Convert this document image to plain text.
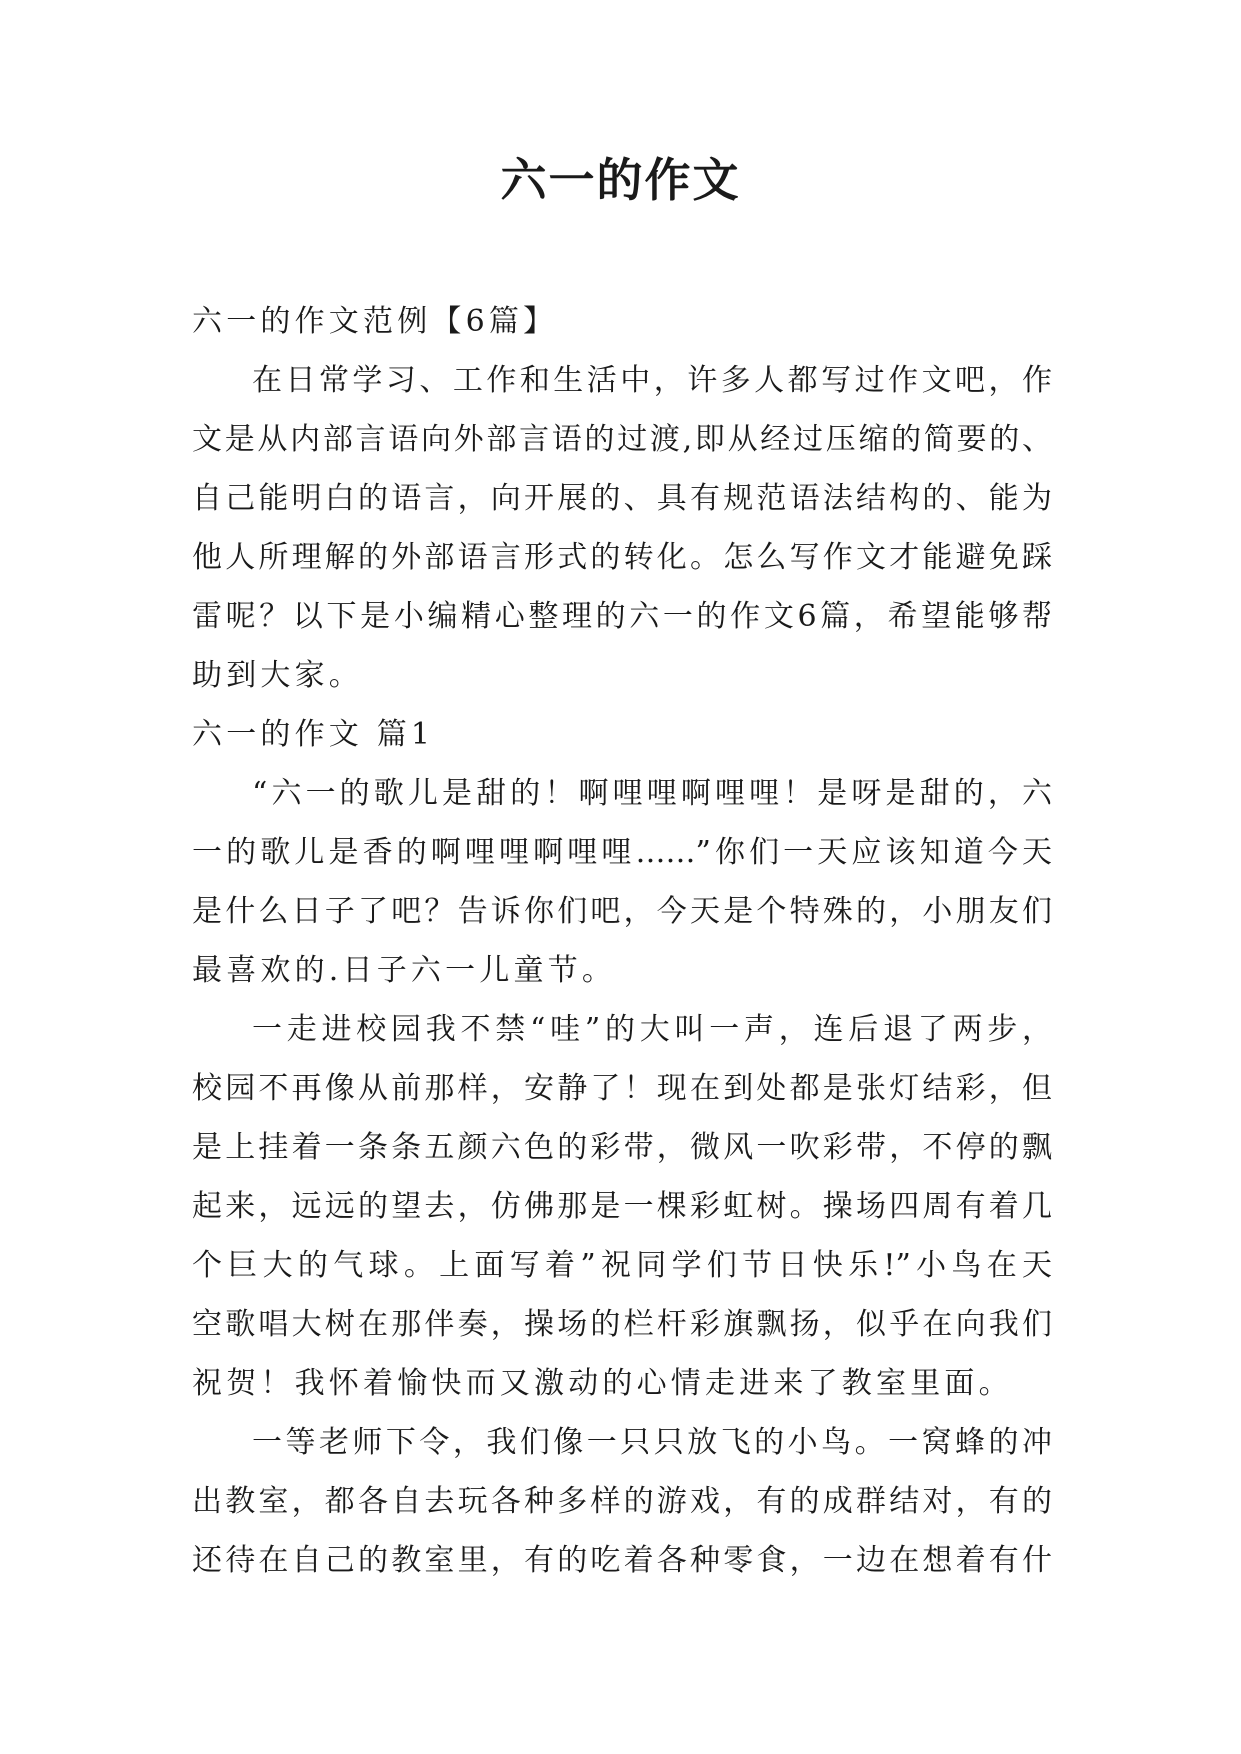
六一的作文
六一的作文范例【6篇】
在日常学习、工作和生活中，许多人都写过作文吧，作
文是从内部言语向外部言语的过渡,即从经过压缩的简要的、
自己能明白的语言，向开展的、具有规范语法结构的、能为
他人所理解的外部语言形式的转化。怎么写作文才能避免踩
雷呢？以下是小编精心整理的六一的作文6篇，希望能够帮
助到大家。
六一的作文 篇1
“六一的歌儿是甜的！啊哩哩啊哩哩！是呀是甜的，六
一的歌儿是香的啊哩哩啊哩哩……”你们一天应该知道今天
是什么日子了吧？告诉你们吧，今天是个特殊的，小朋友们
最喜欢的.日子六一儿童节。
一走进校园我不禁“哇”的大叫一声，连后退了两步，
校园不再像从前那样，安静了！现在到处都是张灯结彩，但
是上挂着一条条五颜六色的彩带，微风一吹彩带，不停的飘
起来，远远的望去，仿佛那是一棵彩虹树。操场四周有着几
个巨大的气球。上面写着”祝同学们节日快乐!”小鸟在天
空歌唱大树在那伴奏，操场的栏杆彩旗飘扬，似乎在向我们
祝贺！我怀着愉快而又激动的心情走进来了教室里面。
一等老师下令，我们像一只只放飞的小鸟。一窝蜂的冲
出教室，都各自去玩各种多样的游戏，有的成群结对，有的
还待在自己的教室里，有的吃着各种零食，一边在想着有什
